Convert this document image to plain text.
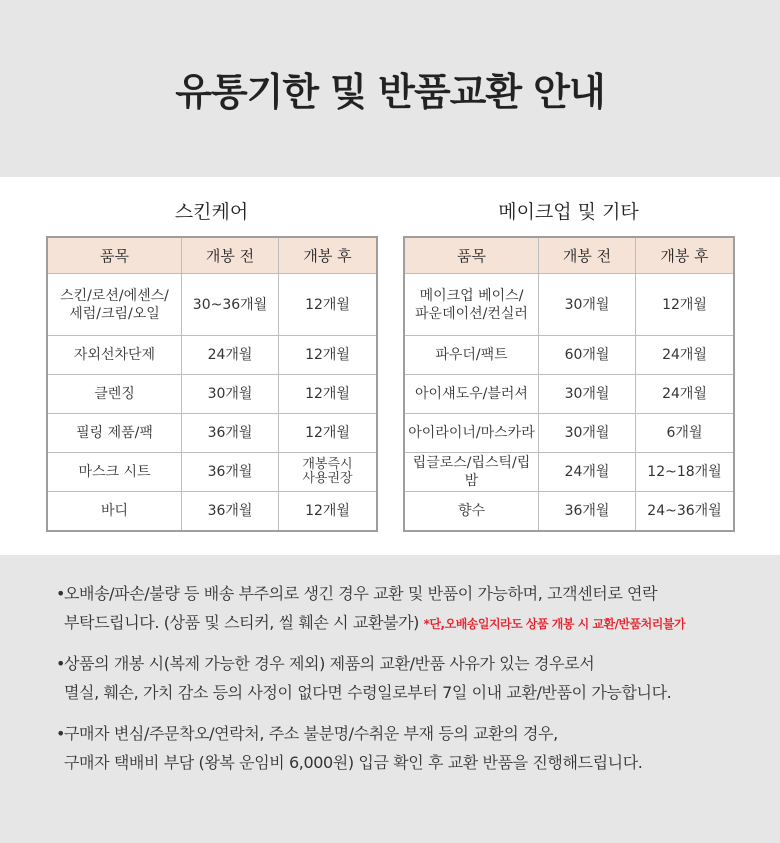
유통기한 및 반품교환 안내
스킨케어
품목	개봉 전	개봉 후
스킨/로션/에센스/
세럼/크림/오일	30~36개월	12개월
자외선차단제	24개월	12개월
클렌징	30개월	12개월
필링 제품/팩	36개월	12개월
마스크 시트	36개월	개봉즉시
사용권장
바디	36개월	12개월
메이크업 및 기타
품목	개봉 전	개봉 후
메이크업 베이스/
파운데이션/컨실러	30개월	12개월
파우더/팩트	60개월	24개월
아이섀도우/블러셔	30개월	24개월
아이라이너/마스카라	30개월	6개월
립글로스/립스틱/립밤	24개월	12~18개월
향수	36개월	24~36개월
•
오배송/파손/불량 등 배송 부주의로 생긴 경우 교환 및 반품이 가능하며, 고객센터로 연락
부탁드립니다. (상품 및 스티커, 씰 훼손 시 교환불가) *단,오배송일지라도 상품 개봉 시 교환/반품처리불가
•
상품의 개봉 시(복제 가능한 경우 제외) 제품의 교환/반품 사유가 있는 경우로서
멸실, 훼손, 가치 감소 등의 사정이 없다면 수령일로부터 7일 이내 교환/반품이 가능합니다.
•
구매자 변심/주문착오/연락처, 주소 불분명/수취운 부재 등의 교환의 경우,
구매자 택배비 부담 (왕복 운임비 6,000원) 입금 확인 후 교환 반품을 진행해드립니다.
